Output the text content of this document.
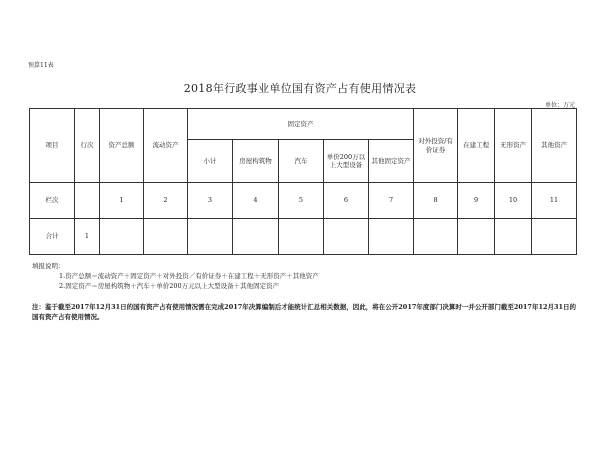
预算11表
2018年行政事业单位国有资产占有使用情况表
单位：万元
项目	行次	资产总额	流动资产	固定资产					对外投资/有价证券	在建工程	无形资产	其他资产
				小计	房屋构筑物	汽车	单价200万以上大型设备	其他固定资产				
栏次		1	2	3	4	5	6	7	8	9	10	11
合计	1											
填报说明：
1.资产总额＝流动资产＋固定资产＋对外投资／有价证券＋在建工程＋无形资产＋其他资产
2.固定资产＝房屋构筑物＋汽车＋单价200万元以上大型设备＋其他固定资产
注：鉴于截至2017年12月31日的国有资产占有使用情况需在完成2017年决算编制后才能统计汇总相关数据，因此，将在公开2017年度部门决算时一并公开部门截至2017年12月31日的国有资产占有使用情况。
